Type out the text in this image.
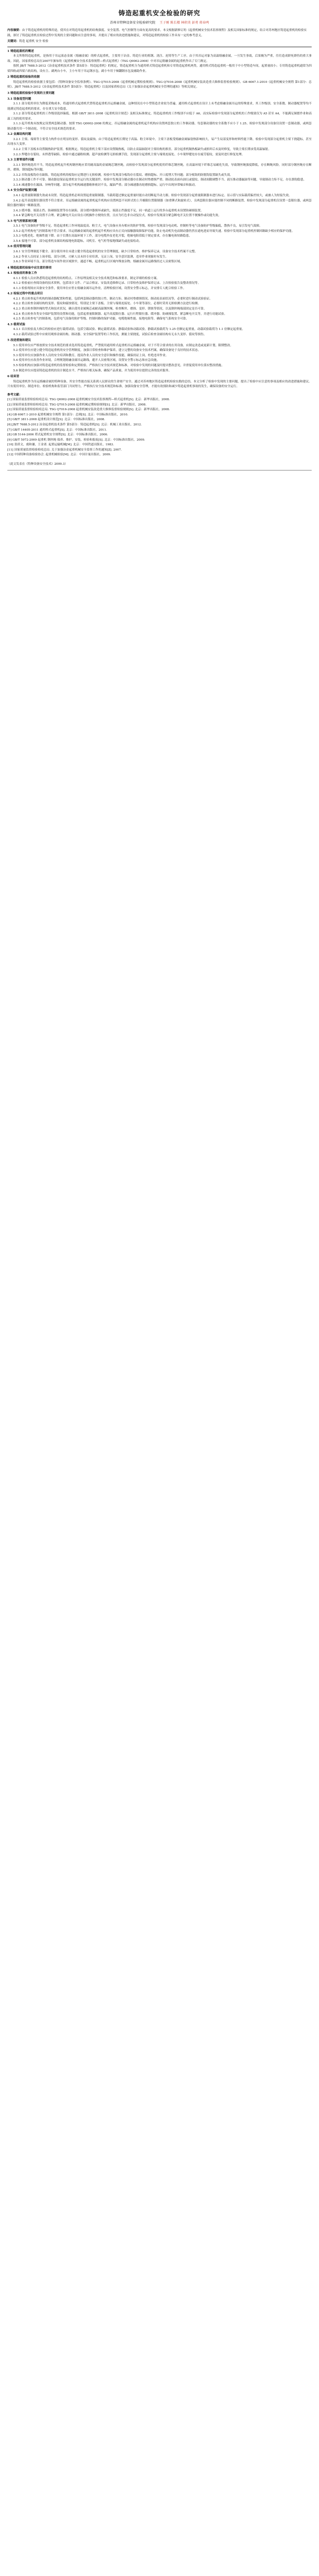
铸造起重机安全检验的研究
苏州市特种设备安全检验研究院 王子刚 陈长楼 林积炎 彭勇 蒋春鸣

内容摘要：由于铸造起重机的特殊用途，使其在对铸造用起重机的结构强度、安全装置、电气控制等方面有更高的要求。本文根据新修订的《起重机械安全技术监察规程》及相关国家标准的规定，结合对苏州地区铸造起重机的检验实践，探讨了铸造起重机在检验过程中发现的主要问题和应注意的事项，并提出了相应的改进措施和建议，对铸造起重机的检验工作具有一定的参考意义。

关键词：铸造 起重机 安全 检验

1 铸造起重机的概述

本文所称铸造起重机，是指用于吊运液态金属（熔融金属）的桥式起重机，主要用于冶金、铸造行业的炼钢、浇注、连铸等生产工序。由于其吊运对象为高温熔融金属，一旦发生事故，后果极为严重，往往造成群死群伤的重大事故。因此，国家质检总局在2007年颁布的《起重机械安全技术监察规程—桥式起重机》（TSG Q0002-2008）中对吊运熔融金属的起重机作出了专门规定。

按照 JB/T 7688.5-2012《冶金起重机技术条件 第5部分：铸造起重机》的规定，铸造起重机分为通用桥式铸造起重机和专用铸造起重机两类。通用桥式铸造起重机一般用于中小型铸造车间，起重量较小；专用铸造起重机通常为四梁四轨或四梁六轨结构，设有主、副两台小车，主小车用于吊运钢水包，副小车用于倾翻钢水包及辅助作业。

2 铸造起重机检验的依据

铸造起重机的检验依据主要包括：《特种设备安全监察条例》、TSG Q7015-2008《起重机械定期检验规则》、TSG Q7016-2008《起重机械安装改造重大维修监督检验规则》、GB 6067.1-2010《起重机械安全规程 第1部分：总则》、JB/T 7688.5-2012《冶金起重机技术条件 第5部分：铸造起重机》以及国家质检总局《关于加强冶金起重机械安全管理的通知》等相关规定。

3 铸造起重机检验中发现的主要问题

3.1 设备选型问题

3.1.1 部分使用单位为降低采购成本，将通用桥式起重机代替铸造起重机吊运熔融金属，这种情况在中小型铸造企业较为普遍。通用桥式起重机在设计上未考虑熔融金属吊运的特殊要求，其工作级别、安全系数、制动器配置等均不能满足铸造起重机的要求，存在重大安全隐患。

3.1.2 部分铸造起重机的工作级别选择偏低。根据 GB/T 3811-2008《起重机设计规范》及相关标准规定，铸造起重机的工作级别不应低于 A6，而实际检验中发现部分起重机的工作级别仅为 A5 甚至 A4，不能满足频繁作业和高温工况的使用要求。

3.1.3 起升机构未按规定设置两套制动器。按照 TSG Q0002-2008 的规定，吊运熔融金属的起重机起升机构应设置两套独立的工作制动器，每套制动器的安全系数不应小于 1.25。检验中发现部分设备仅设置一套制动器，或两套制动器共用一个制动轮，不符合安全技术规范的要求。

3.2 金属结构问题

3.2.1 主梁、端梁等主要受力构件存在明显的变形、裂纹及腐蚀。由于铸造起重机长期处于高温、粉尘环境中，主梁下盖板受熔融金属辐射热影响较大，易产生局部变形和材料性能下降。检验中发现部分起重机主梁下挠超标，甚至出现永久变形。

3.2.2 主梁下盖板未设置隔热防护装置。根据规定，铸造起重机主梁下部应设置隔热板，以防止高温辐射对主梁结构的损害。部分起重机隔热板缺失或损坏后未及时修复，导致主梁长期承受高温辐射。

3.2.3 焊缝存在裂纹、未焊透等缺陷。检验中通过磁粉检测、超声波检测等无损检测手段，发现部分起重机主梁与端梁连接处、小车架焊缝处存在疲劳裂纹，需及时进行修复处理。

3.3 主要零部件问题

3.3.1 钢丝绳选用不当。铸造起重机起升机构钢丝绳应采用耐高温的金属绳芯钢丝绳，而检验中发现部分起重机使用纤维芯钢丝绳，在高温环境下纤维芯易碳化失效，导致钢丝绳强度降低，存在断绳风险。同时部分钢丝绳存在断丝、磨损、锈蚀超标等问题。

3.3.2 吊钩及板钩存在缺陷。铸造起重机的板钩应定期进行无损检测，检验中发现部分板钩存在裂纹、磨损超标、开口度增大等问题；部分板钩的防脱钩装置缺失或失效。

3.3.3 制动器工作不可靠。制动器是保证起重机安全运行的关键部件，检验中发现部分制动器存在制动衬垫磨损严重、制动轮表面有油污或裂纹、制动间隙调整不当、液压推动器漏油等问题，导致制动力矩不足，存在溜钩隐患。

3.3.4 减速器存在漏油、异响等问题。部分起升机构减速器箱体密封不良，漏油严重；部分减速器齿轮磨损超标，运行中出现异常噪音和振动。

3.4 安全保护装置问题

3.4.1 起重量限制器失效或未设置。铸造起重机必须设置起重量限制器，当载荷超过额定起重量时能自动切断起升动力源。检验中发现部分起重量限制器未进行标定、显示值与实际载荷偏差较大，或被人为短接失效。

3.4.2 起升高度限位器设置不符合要求。吊运熔融金属的起重机起升机构应设置两套不同形式的上升极限位置限制器（如重锤式和旋转式），且两套限位器应能控制不同的断路装置。检验中发现部分起重机仅设置一套限位器，或两套限位器控制同一断路装置。

3.4.3 缓冲器、端部止挡、防碰撞装置等存在缺陷。部分缓冲器损坏或缺失，端部止挡强度不足，同一轨道上运行的多台起重机未设置防碰撞装置。

3.4.4 紧急断电开关设置不合理。紧急断电开关应设在司机操作方便的位置，且应为红色非自动复位式。检验中发现部分紧急断电开关位置不便操作或功能失效。

3.5 电气控制系统问题

3.5.1 电气设备防护等级不足。铸造起重机工作环境温度高、粉尘大，电气设备应具有相应的防护等级。检验中发现部分电动机、控制柜等电气设备防护等级偏低，散热不良，易引发电气故障。

3.5.2 起升机构电气控制系统不符合要求。吊运熔融金属的起重机起升机构应具有正反向接触器故障保护功能，防止电动机失电而制动器仍然在通电进而导致失速。检验中发现部分起重机控制回路缺少相应的保护功能。

3.5.3 电缆老化、绝缘性能下降。由于长期在高温环境下工作，部分电缆外皮老化开裂，绝缘电阻值低于规定要求，存在触电和短路隐患。

3.5.4 接地不可靠。部分起重机金属结构接地电阻超标，司机室、电气柜等接地线缺失或连接松动。

3.6 使用管理问题

3.6.1 安全管理制度不健全。部分使用单位未建立健全铸造起重机的安全管理制度，缺少日常检查、维护保养记录，设备安全技术档案不完整。

3.6.2 作业人员持证上岗率低。部分司机、司索人员未经专业培训，无证上岗，安全意识淡薄，违章作业现象时有发生。

3.6.3 作业环境不良。部分铸造车间作业区域狭窄，通道不畅，起重机运行区域内堆放杂物，熔融金属吊运路线经过人员密集区域。

4 铸造起重机检验中应注意的事项

4.1 检验前的准备工作

4.1.1 检验人员应熟悉铸造起重机的结构特点、工作原理及相关安全技术规范和标准要求，制定详细的检验方案。

4.1.2 检验前应查阅设备的技术资料，包括设计文件、产品合格证、安装改造维修记录、日常检查及维护保养记录、上次检验报告及整改情况等。

4.1.3 检验现场应具备安全条件，使用单位应停止熔融金属吊运作业，清理检验区域，设置安全警示标志，并安排专人配合检验工作。

4.2 检验过程中的重点项目

4.2.1 重点检查起升机构的制动器配置和性能，包括两套制动器的独立性、制动力矩、制动衬垫磨损情况、制动轮表面状况等，必要时进行制动试验验证。

4.2.2 重点检查金属结构的变形、裂纹和腐蚀情况，特别是主梁下盖板、主梁与端梁连接处、小车架等部位，必要时采用无损检测方法进行检测。

4.2.3 重点检查钢丝绳的型式和技术状况，确认使用金属绳芯或耐高温钢丝绳，检查断丝、磨损、变形、锈蚀等情况，以及钢丝绳端部固定是否可靠。

4.2.4 重点检查各类安全保护装置的设置和功能，包括起重量限制器、起升高度限位器、运行行程限位器、缓冲器、防碰撞装置、紧急断电开关等，并进行功能试验。

4.2.5 重点检查电气控制系统，包括电气设备的防护等级、控制回路的保护功能、电缆绝缘性能、接地电阻等，确保电气系统安全可靠。

4.3 载荷试验

4.3.1 首次检验及大修后的检验应进行载荷试验，包括空载试验、额定载荷试验、静载试验和动载试验。静载试验载荷为 1.25 倍额定起重量，动载试验载荷为 1.1 倍额定起重量。

4.3.2 载荷试验过程中应密切观察金属结构、制动器、安全保护装置等的工作状况，测量主梁挠度，试验后检查金属结构有无永久变形、裂纹等损伤。

5 改进措施和建议

5.1 使用单位应严格按照安全技术规范的要求选用铸造起重机，严禁使用通用桥式起重机吊运熔融金属。对于不符合要求的在用设备，应制定改造或更新计划，限期整改。

5.2 使用单位应建立健全铸造起重机的安全管理制度，加强日常检查和维护保养，建立完整的设备安全技术档案，确保设备处于良好的技术状态。

5.3 使用单位应加强作业人员的安全培训和教育，提高作业人员的安全意识和操作技能，确保持证上岗，杜绝违章作业。

5.4 使用单位应改善作业环境，合理规划熔融金属吊运路线，避开人员密集区域，设置安全警示标志和应急设施。

5.5 检验机构应加强对铸造起重机的监督检验和定期检验，严格执行安全技术规范和标准，对检验中发现的问题及时提出整改意见，并督促使用单位落实整改措施。

5.6 制造单位应提高铸造起重机的设计制造水平，严格执行相关标准，确保产品质量，并为使用单位提供完善的技术服务。

6 结束语

铸造起重机作为吊运熔融金属的特种设备，其安全性能直接关系到人民群众的生命财产安全。通过对苏州地区铸造起重机检验实践的总结，本文分析了检验中发现的主要问题，提出了检验中应注意的事项及相应的改进措施和建议。只有使用单位、制造单位、检验机构和监管部门共同努力，严格执行安全技术规范和标准，加强设备安全管理，才能有效预防和减少铸造起重机事故的发生，确保设备的安全运行。

参考文献：

[1] 国家质量监督检验检疫总局. TSG Q0002-2008 起重机械安全技术监察规程—桥式起重机[S]. 北京：新华出版社，2008.

[2] 国家质量监督检验检疫总局. TSG Q7015-2008 起重机械定期检验规则[S]. 北京：新华出版社，2008.

[3] 国家质量监督检验检疫总局. TSG Q7016-2008 起重机械安装改造重大维修监督检验规则[S]. 北京：新华出版社，2008.

[4] GB 6067.1-2010 起重机械安全规程 第1部分：总则[S]. 北京：中国标准出版社，2010.

[5] GB/T 3811-2008 起重机设计规范[S]. 北京：中国标准出版社，2008.

[6] JB/T 7688.5-2012 冶金起重机技术条件 第5部分：铸造起重机[S]. 北京：机械工业出版社，2012.

[7] GB/T 14405-2011 通用桥式起重机[S]. 北京：中国标准出版社，2011.

[8] GB 5144-2006 塔式起重机安全规程[S]. 北京：中国标准出版社，2006.

[9] GB/T 5972-2009 起重机 钢丝绳 保养、维护、安装、检验和报废[S]. 北京：中国标准出版社，2009.

[10] 张质文，虞和谦，王金诺. 起重运输机械[M]. 北京：中国铁道出版社，1983.

[11] 国家质量监督检验检疫总局. 关于加强冶金起重机械安全监察工作的通知[Z]. 2007.

[12] 中国特种设备检验协会. 起重机械检验[M]. 北京：中国计量出版社，2009.

（此文发表在《特种设备安全技术》2009.3）
